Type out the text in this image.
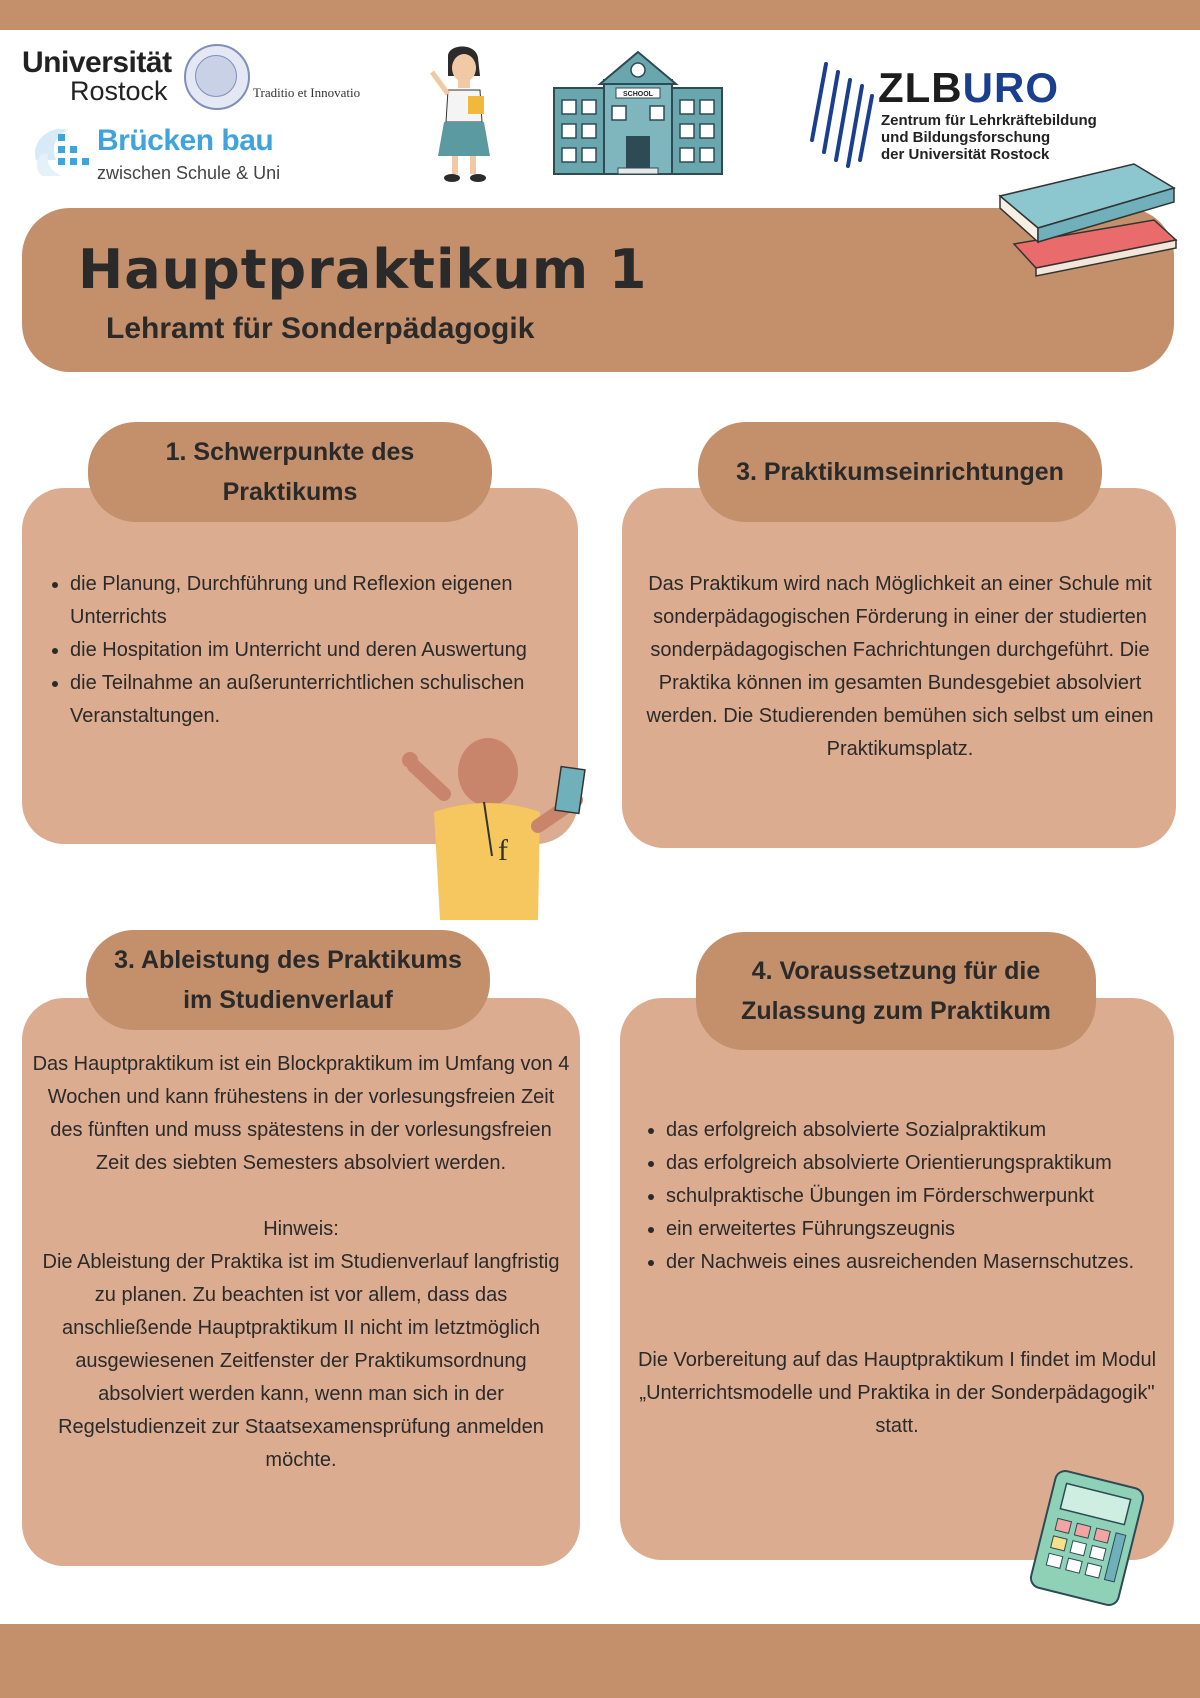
Universität
Rostock	Traditio et Innovatio
Brücken bau
zwischen Schule & Uni
SCHOOL	ZLBURO
Zentrum für Lehrkräftebildung
und Bildungsforschung
der Universität Rostock
Hauptpraktikum 1
Lehramt für Sonderpädagogik
1. Schwerpunkte des
Praktikums
• die Planung, Durchführung und Reflexion eigenen Unterrichts
• die Hospitation im Unterricht und deren Auswertung
• die Teilnahme an außerunterrichtlichen schulischen Veranstaltungen.
f
3. Praktikumseinrichtungen
Das Praktikum wird nach Möglichkeit an einer Schule mit sonderpädagogischen Förderung in einer der studierten sonderpädagogischen Fachrichtungen durchgeführt. Die Praktika können im gesamten Bundesgebiet absolviert werden. Die Studierenden bemühen sich selbst um einen Praktikumsplatz.
3. Ableistung des Praktikums
im Studienverlauf
Das Hauptpraktikum ist ein Blockpraktikum im Umfang von 4 Wochen und kann frühestens in der vorlesungsfreien Zeit des fünften und muss spätestens in der vorlesungsfreien Zeit des siebten Semesters absolviert werden.
Hinweis:
Die Ableistung der Praktika ist im Studienverlauf langfristig zu planen. Zu beachten ist vor allem, dass das anschließende Hauptpraktikum II nicht im letztmöglich ausgewiesenen Zeitfenster der Praktikumsordnung absolviert werden kann, wenn man sich in der Regelstudienzeit zur Staatsexamensprüfung anmelden möchte.
4. Voraussetzung für die
Zulassung zum Praktikum
• das erfolgreich absolvierte Sozialpraktikum
• das erfolgreich absolvierte Orientierungspraktikum
• schulpraktische Übungen im Förderschwerpunkt
• ein erweitertes Führungszeugnis
• der Nachweis eines ausreichenden Masernschutzes.
Die Vorbereitung auf das Hauptpraktikum I findet im Modul „Unterrichtsmodelle und Praktika in der Sonderpädagogik" statt.
